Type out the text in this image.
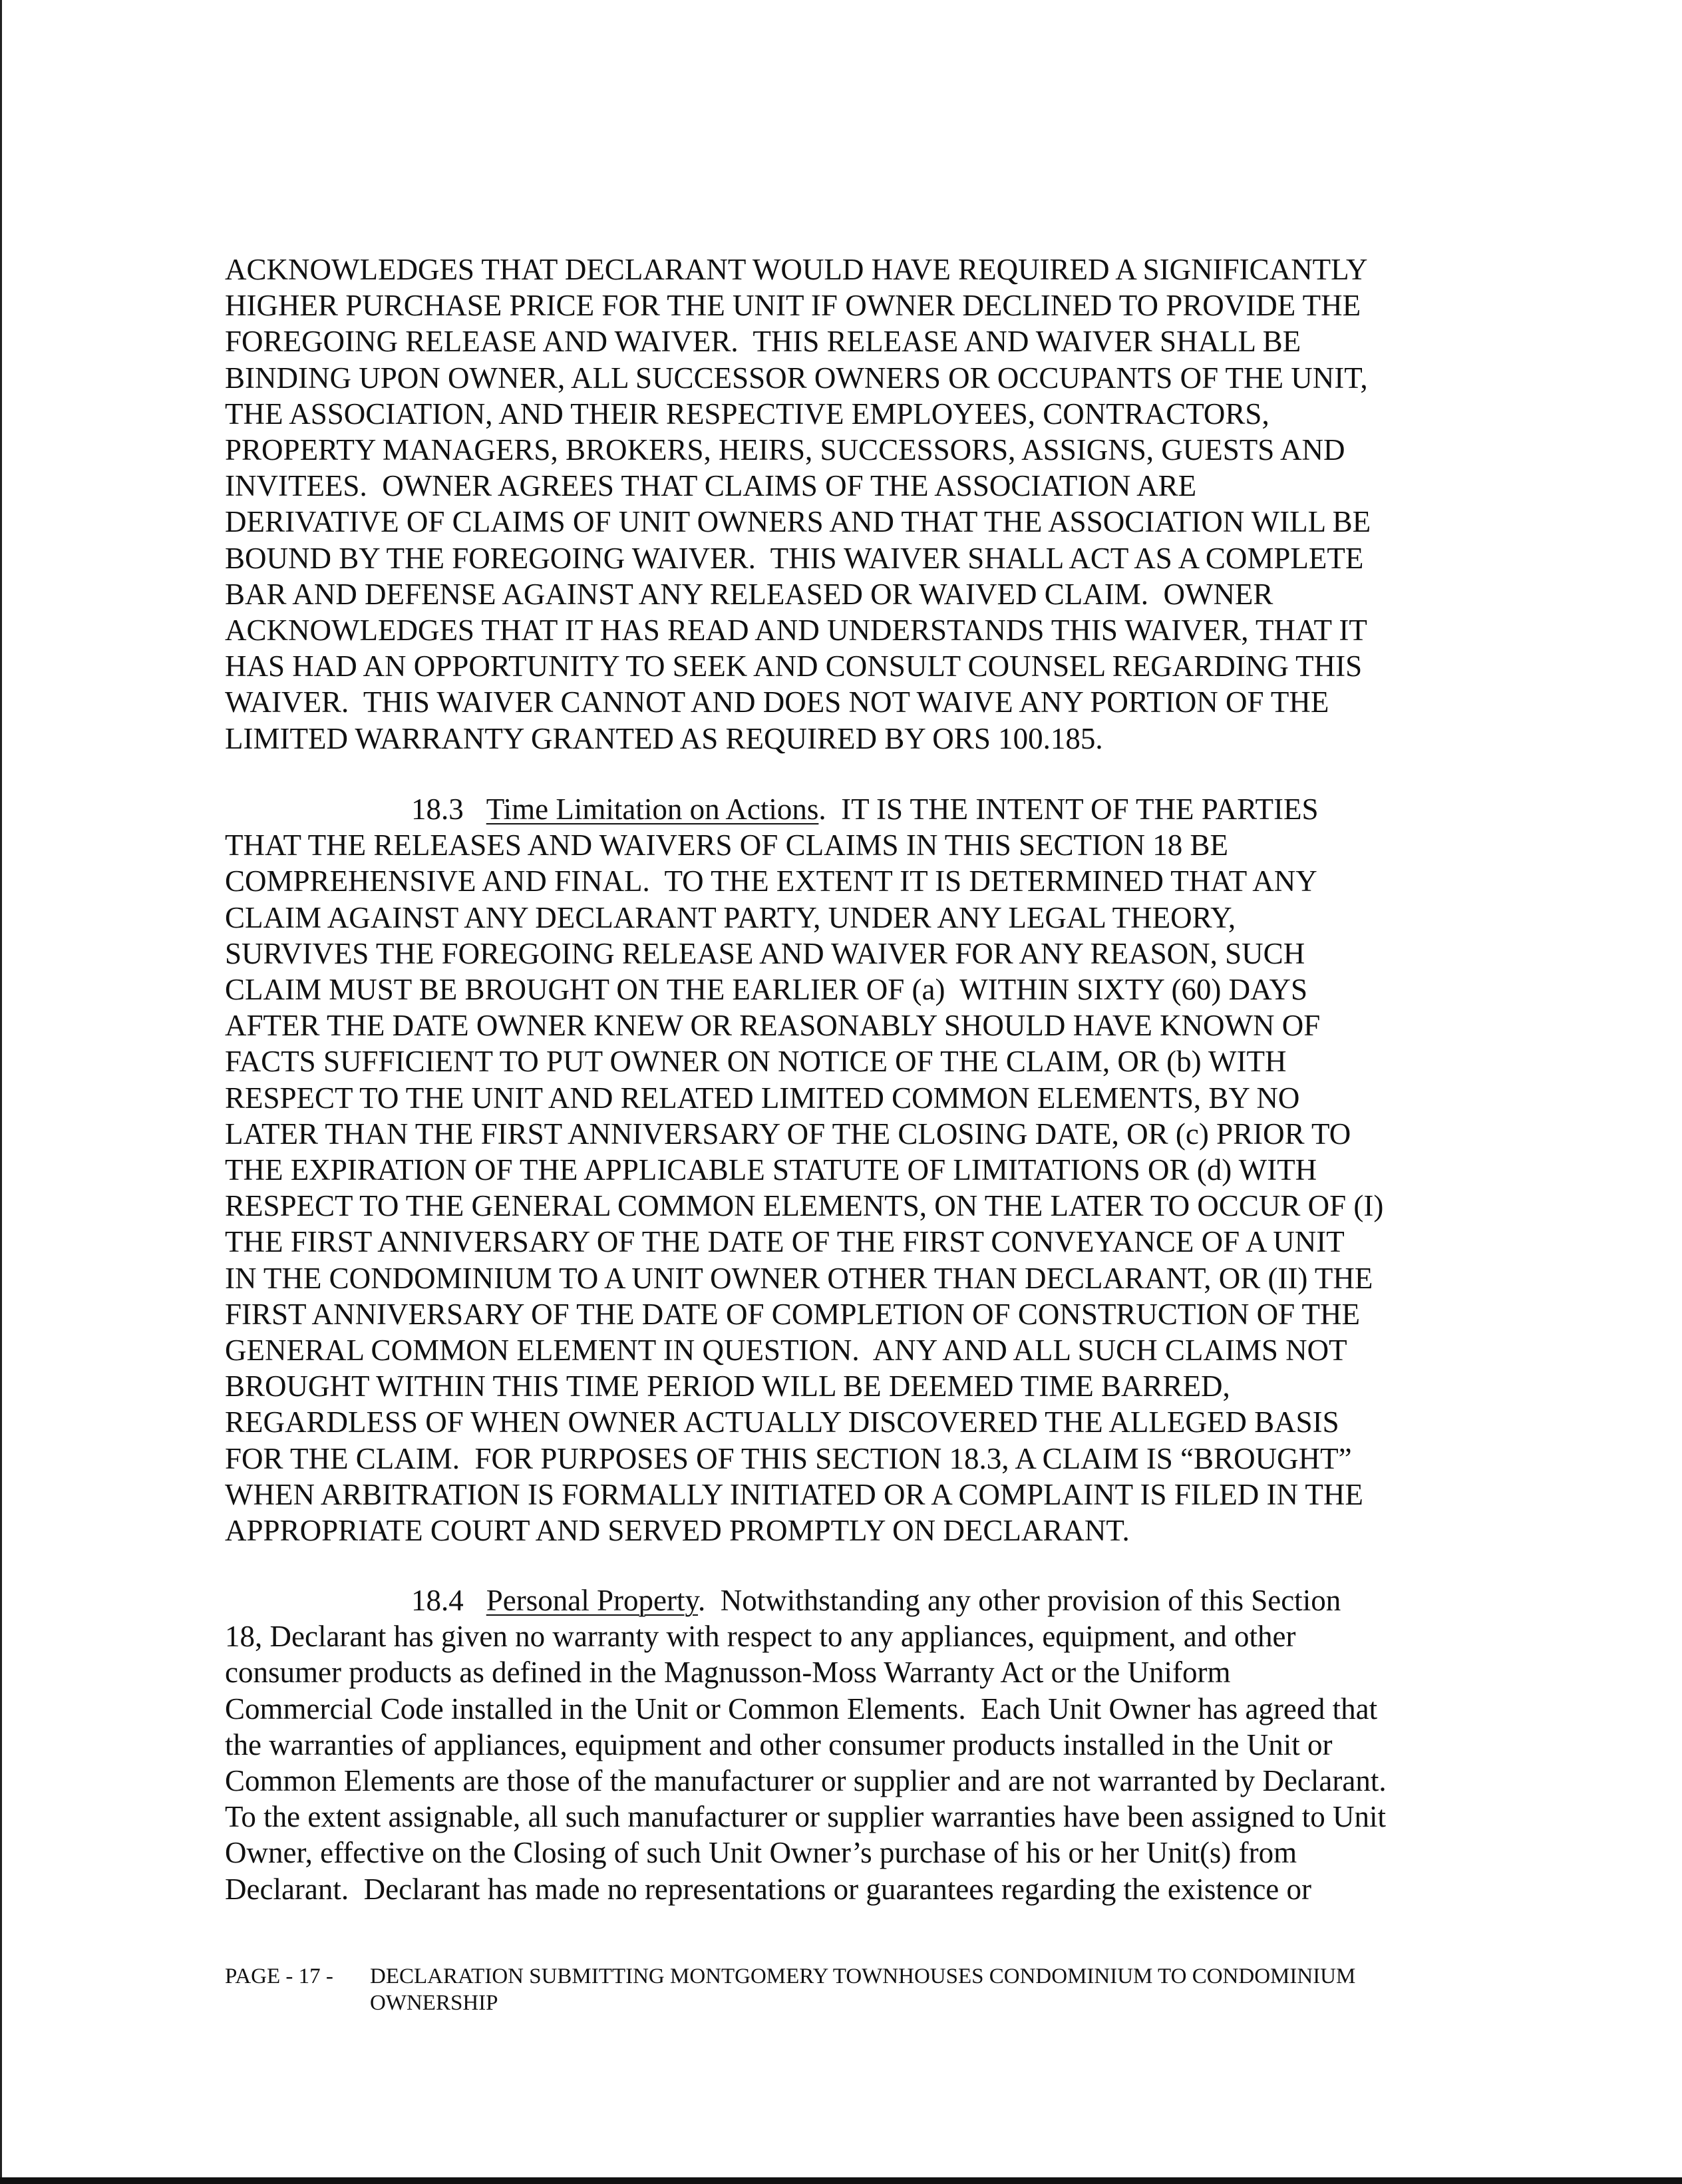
ACKNOWLEDGES THAT DECLARANT WOULD HAVE REQUIRED A SIGNIFICANTLY
HIGHER PURCHASE PRICE FOR THE UNIT IF OWNER DECLINED TO PROVIDE THE
FOREGOING RELEASE AND WAIVER.  THIS RELEASE AND WAIVER SHALL BE
BINDING UPON OWNER, ALL SUCCESSOR OWNERS OR OCCUPANTS OF THE UNIT,
THE ASSOCIATION, AND THEIR RESPECTIVE EMPLOYEES, CONTRACTORS,
PROPERTY MANAGERS, BROKERS, HEIRS, SUCCESSORS, ASSIGNS, GUESTS AND
INVITEES.  OWNER AGREES THAT CLAIMS OF THE ASSOCIATION ARE
DERIVATIVE OF CLAIMS OF UNIT OWNERS AND THAT THE ASSOCIATION WILL BE
BOUND BY THE FOREGOING WAIVER.  THIS WAIVER SHALL ACT AS A COMPLETE
BAR AND DEFENSE AGAINST ANY RELEASED OR WAIVED CLAIM.  OWNER
ACKNOWLEDGES THAT IT HAS READ AND UNDERSTANDS THIS WAIVER, THAT IT
HAS HAD AN OPPORTUNITY TO SEEK AND CONSULT COUNSEL REGARDING THIS
WAIVER.  THIS WAIVER CANNOT AND DOES NOT WAIVE ANY PORTION OF THE
LIMITED WARRANTY GRANTED AS REQUIRED BY ORS 100.185.
18.3 Time Limitation on Actions.  IT IS THE INTENT OF THE PARTIES
THAT THE RELEASES AND WAIVERS OF CLAIMS IN THIS SECTION 18 BE
COMPREHENSIVE AND FINAL.  TO THE EXTENT IT IS DETERMINED THAT ANY
CLAIM AGAINST ANY DECLARANT PARTY, UNDER ANY LEGAL THEORY,
SURVIVES THE FOREGOING RELEASE AND WAIVER FOR ANY REASON, SUCH
CLAIM MUST BE BROUGHT ON THE EARLIER OF (a)  WITHIN SIXTY (60) DAYS
AFTER THE DATE OWNER KNEW OR REASONABLY SHOULD HAVE KNOWN OF
FACTS SUFFICIENT TO PUT OWNER ON NOTICE OF THE CLAIM, OR (b) WITH
RESPECT TO THE UNIT AND RELATED LIMITED COMMON ELEMENTS, BY NO
LATER THAN THE FIRST ANNIVERSARY OF THE CLOSING DATE, OR (c) PRIOR TO
THE EXPIRATION OF THE APPLICABLE STATUTE OF LIMITATIONS OR (d) WITH
RESPECT TO THE GENERAL COMMON ELEMENTS, ON THE LATER TO OCCUR OF (I)
THE FIRST ANNIVERSARY OF THE DATE OF THE FIRST CONVEYANCE OF A UNIT
IN THE CONDOMINIUM TO A UNIT OWNER OTHER THAN DECLARANT, OR (II) THE
FIRST ANNIVERSARY OF THE DATE OF COMPLETION OF CONSTRUCTION OF THE
GENERAL COMMON ELEMENT IN QUESTION.  ANY AND ALL SUCH CLAIMS NOT
BROUGHT WITHIN THIS TIME PERIOD WILL BE DEEMED TIME BARRED,
REGARDLESS OF WHEN OWNER ACTUALLY DISCOVERED THE ALLEGED BASIS
FOR THE CLAIM.  FOR PURPOSES OF THIS SECTION 18.3, A CLAIM IS “BROUGHT”
WHEN ARBITRATION IS FORMALLY INITIATED OR A COMPLAINT IS FILED IN THE
APPROPRIATE COURT AND SERVED PROMPTLY ON DECLARANT.
18.4 Personal Property.  Notwithstanding any other provision of this Section
18, Declarant has given no warranty with respect to any appliances, equipment, and other
consumer products as defined in the Magnusson-Moss Warranty Act or the Uniform
Commercial Code installed in the Unit or Common Elements.  Each Unit Owner has agreed that
the warranties of appliances, equipment and other consumer products installed in the Unit or
Common Elements are those of the manufacturer or supplier and are not warranted by Declarant.
To the extent assignable, all such manufacturer or supplier warranties have been assigned to Unit
Owner, effective on the Closing of such Unit Owner’s purchase of his or her Unit(s) from
Declarant.  Declarant has made no representations or guarantees regarding the existence or
PAGE - 17 -	DECLARATION SUBMITTING MONTGOMERY TOWNHOUSES CONDOMINIUM TO CONDOMINIUM
OWNERSHIP
